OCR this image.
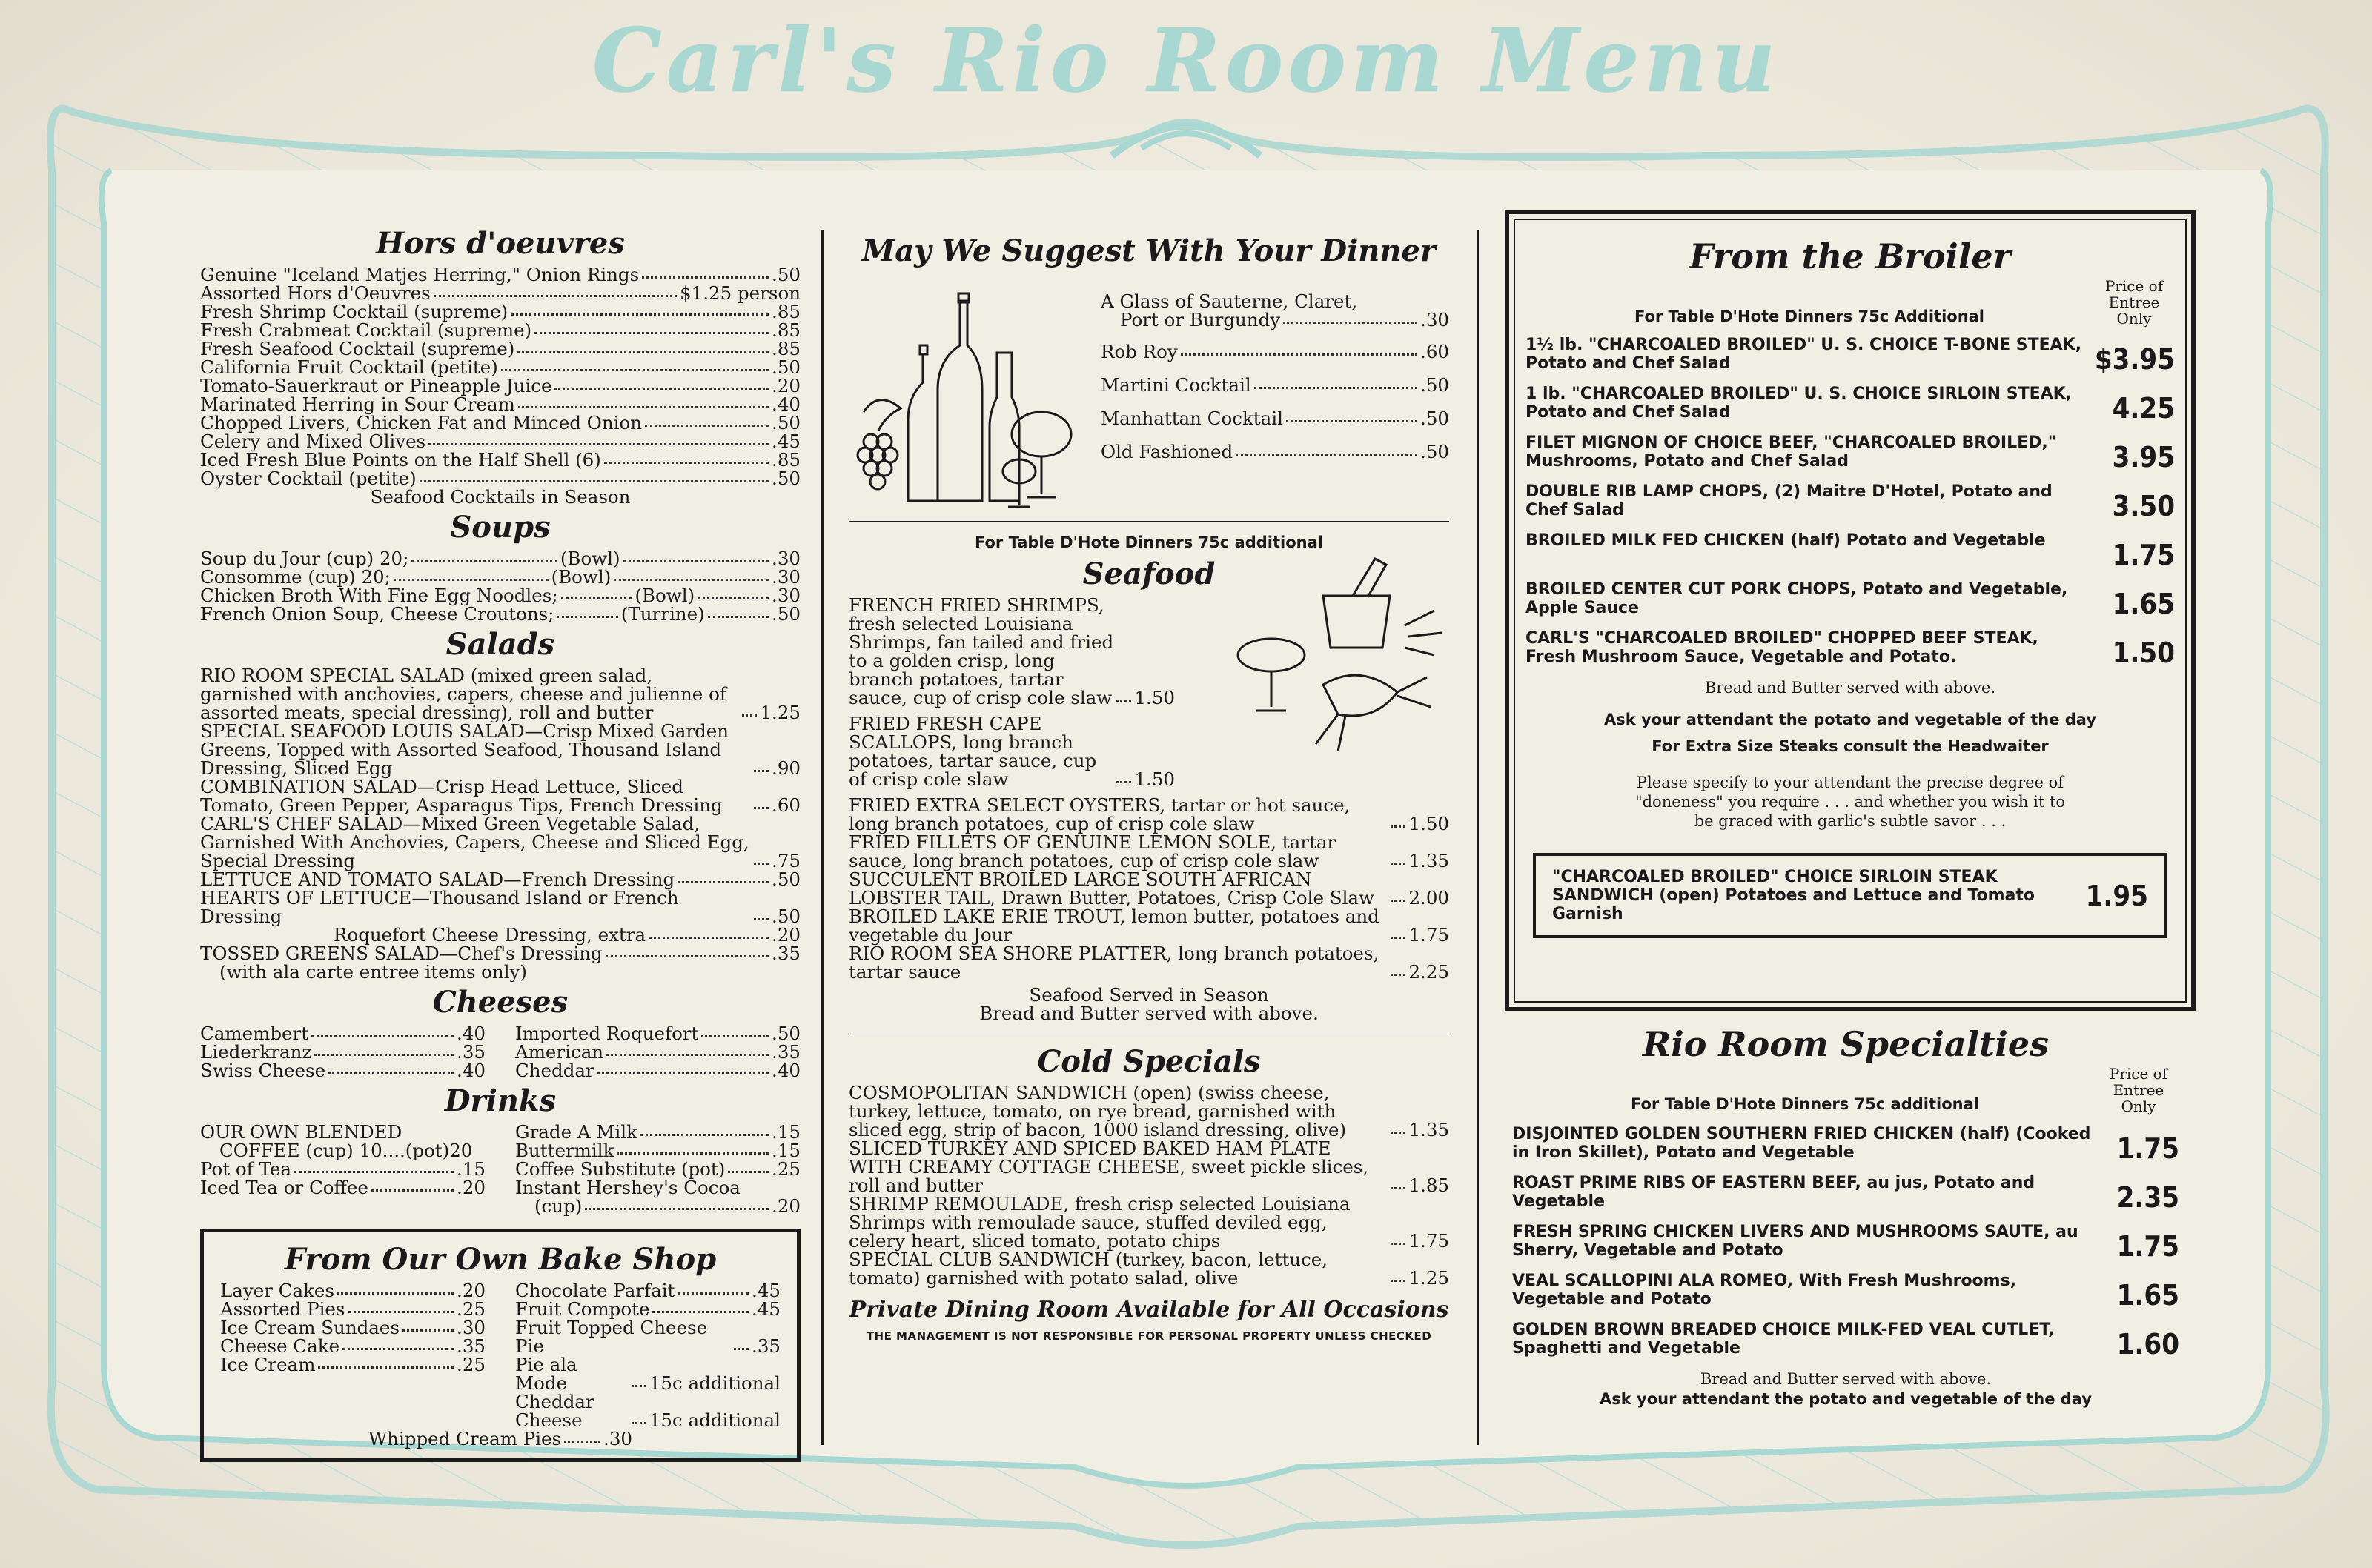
Carl's Rio Room Menu
Hors d'oeuvres
Genuine "Iceland Matjes Herring," Onion Rings	.50
Assorted Hors d'Oeuvres	$1.25 person
Fresh Shrimp Cocktail (supreme)	.85
Fresh Crabmeat Cocktail (supreme)	.85
Fresh Seafood Cocktail (supreme)	.85
California Fruit Cocktail (petite)	.50
Tomato-Sauerkraut or Pineapple Juice	.20
Marinated Herring in Sour Cream	.40
Chopped Livers, Chicken Fat and Minced Onion	.50
Celery and Mixed Olives	.45
Iced Fresh Blue Points on the Half Shell (6)	.85
Oyster Cocktail (petite)	.50
Seafood Cocktails in Season
Soups
Soup du Jour (cup) 20;	(Bowl)	.30
Consomme (cup) 20;	(Bowl)	.30
Chicken Broth With Fine Egg Noodles;	(Bowl)	.30
French Onion Soup, Cheese Croutons;	(Turrine)	.50
Salads
RIO ROOM SPECIAL SALAD (mixed green salad, garnished with anchovies, capers, cheese and julienne of assorted meats, special dressing), roll and butter	1.25
SPECIAL SEAFOOD LOUIS SALAD—Crisp Mixed Garden Greens, Topped with Assorted Seafood, Thousand Island Dressing, Sliced Egg	.90
COMBINATION SALAD—Crisp Head Lettuce, Sliced Tomato, Green Pepper, Asparagus Tips, French Dressing	.60
CARL'S CHEF SALAD—Mixed Green Vegetable Salad, Garnished With Anchovies, Capers, Cheese and Sliced Egg, Special Dressing	.75
LETTUCE AND TOMATO SALAD—French Dressing	.50
HEARTS OF LETTUCE—Thousand Island or French Dressing	.50
Roquefort Cheese Dressing, extra	.20
TOSSED GREENS SALAD—Chef's Dressing	.35
(with ala carte entree items only)
Cheeses
Camembert	.40
Liederkranz	.35
Swiss Cheese	.40
Imported Roquefort	.50
American	.35
Cheddar	.40
Drinks
OUR OWN BLENDED
COFFEE (cup) 10....(pot) 20
Pot of Tea	.15
Iced Tea or Coffee	.20
Grade A Milk	.15
Buttermilk	.15
Coffee Substitute (pot)	.25
Instant Hershey's Cocoa
(cup)	.20
From Our Own Bake Shop
Layer Cakes	.20
Assorted Pies	.25
Ice Cream Sundaes	.30
Cheese Cake	.35
Ice Cream	.25
Chocolate Parfait	.45
Fruit Compote	.45
Fruit Topped Cheese Pie	.35
Pie ala Mode	15c additional
Cheddar Cheese	15c additional
Whipped Cream Pies .30
May We Suggest With Your Dinner
A Glass of Sauterne, Claret,
Port or Burgundy	.30
Rob Roy	.60
Martini Cocktail	.50
Manhattan Cocktail	.50
Old Fashioned	.50
For Table D'Hote Dinners 75c additional
Seafood
FRENCH FRIED SHRIMPS, fresh selected Louisiana Shrimps, fan tailed and fried to a golden crisp, long branch potatoes, tartar sauce, cup of crisp cole slaw 1.50
FRIED FRESH CAPE SCALLOPS, long branch potatoes, tartar sauce, cup of crisp cole slaw	1.50
FRIED EXTRA SELECT OYSTERS, tartar or hot sauce, long branch potatoes, cup of crisp cole slaw	1.50
FRIED FILLETS OF GENUINE LEMON SOLE, tartar sauce, long branch potatoes, cup of crisp cole slaw	1.35
SUCCULENT BROILED LARGE SOUTH AFRICAN LOBSTER TAIL, Drawn Butter, Potatoes, Crisp Cole Slaw	2.00
BROILED LAKE ERIE TROUT, lemon butter, potatoes and vegetable du Jour	1.75
RIO ROOM SEA SHORE PLATTER, long branch potatoes, tartar sauce	2.25
Seafood Served in Season
Bread and Butter served with above.
Cold Specials
COSMOPOLITAN SANDWICH (open) (swiss cheese, turkey, lettuce, tomato, on rye bread, garnished with sliced egg, strip of bacon, 1000 island dressing, olive)	1.35
SLICED TURKEY AND SPICED BAKED HAM PLATE WITH CREAMY COTTAGE CHEESE, sweet pickle slices, roll and butter	1.85
SHRIMP REMOULADE, fresh crisp selected Louisiana Shrimps with remoulade sauce, stuffed deviled egg, celery heart, sliced tomato, potato chips	1.75
SPECIAL CLUB SANDWICH (turkey, bacon, lettuce, tomato) garnished with potato salad, olive	1.25
Private Dining Room Available for All Occasions
THE MANAGEMENT IS NOT RESPONSIBLE FOR PERSONAL PROPERTY UNLESS CHECKED
From the Broiler
For Table D'Hote Dinners 75c Additional
Price of Entree Only
1½ lb. "CHARCOALED BROILED" U. S. CHOICE T-BONE STEAK, Potato and Chef Salad	$3.95
1 lb. "CHARCOALED BROILED" U. S. CHOICE SIRLOIN STEAK, Potato and Chef Salad	4.25
FILET MIGNON OF CHOICE BEEF, "CHARCOALED BROILED," Mushrooms, Potato and Chef Salad	3.95
DOUBLE RIB LAMP CHOPS, (2) Maitre D'Hotel, Potato and Chef Salad	3.50
BROILED MILK FED CHICKEN (half) Potato and Vegetable	1.75
BROILED CENTER CUT PORK CHOPS, Potato and Vegetable, Apple Sauce	1.65
CARL'S "CHARCOALED BROILED" CHOPPED BEEF STEAK, Fresh Mushroom Sauce, Vegetable and Potato.	1.50
Bread and Butter served with above.
Ask your attendant the potato and vegetable of the day
For Extra Size Steaks consult the Headwaiter
Please specify to your attendant the precise degree of "doneness" you require . . . and whether you wish it to be graced with garlic's subtle savor . . .
"CHARCOALED BROILED" CHOICE SIRLOIN STEAK SANDWICH (open) Potatoes and Lettuce and Tomato Garnish
1.95
Rio Room Specialties
For Table D'Hote Dinners 75c additional
Price of Entree Only
DISJOINTED GOLDEN SOUTHERN FRIED CHICKEN (half) (Cooked in Iron Skillet), Potato and Vegetable	1.75
ROAST PRIME RIBS OF EASTERN BEEF, au jus, Potato and Vegetable	2.35
FRESH SPRING CHICKEN LIVERS AND MUSHROOMS SAUTE, au Sherry, Vegetable and Potato	1.75
VEAL SCALLOPINI ALA ROMEO, With Fresh Mushrooms, Vegetable and Potato	1.65
GOLDEN BROWN BREADED CHOICE MILK-FED VEAL CUTLET, Spaghetti and Vegetable	1.60
Bread and Butter served with above.
Ask your attendant the potato and vegetable of the day
